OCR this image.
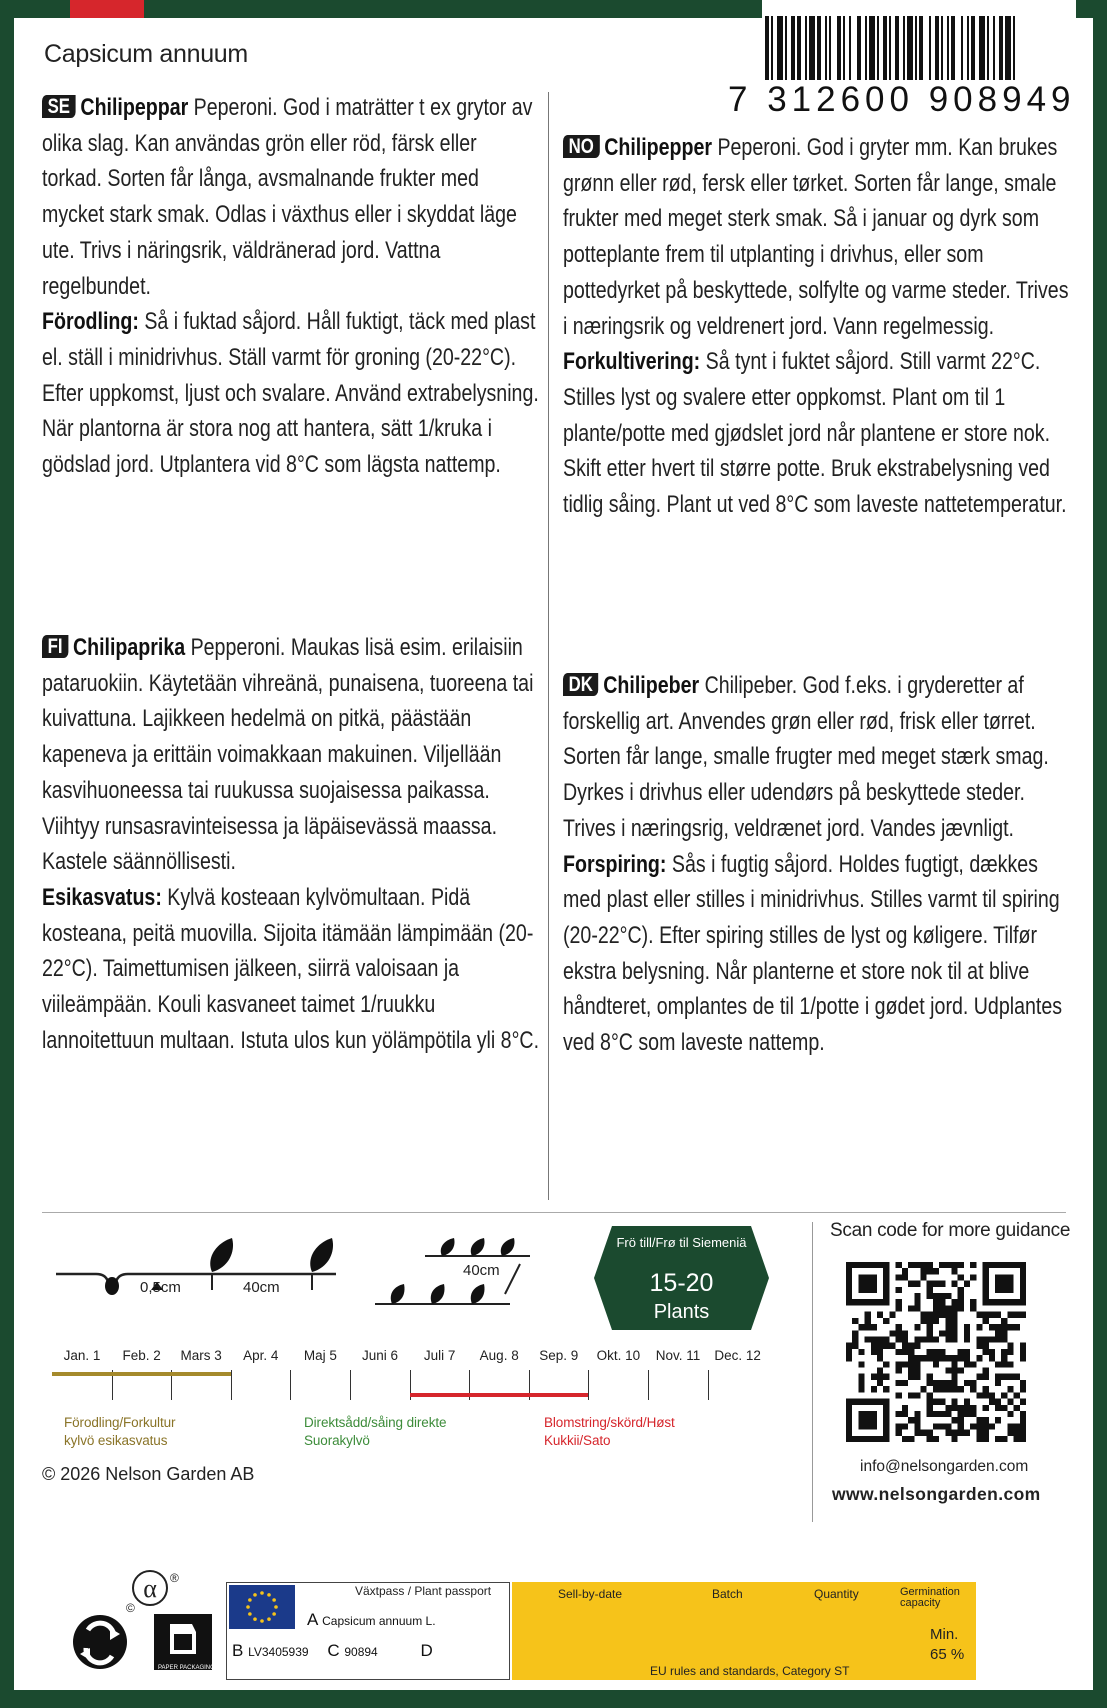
Capsicum annuum
7 312600 908949

SE Chilipeppar Peperoni. God i maträtter t ex grytor av olika slag. Kan användas grön eller röd, färsk eller torkad. Sorten får långa, avsmalnande frukter med mycket stark smak. Odlas i växthus eller i skyddat läge ute. Trivs i näringsrik, väldränerad jord. Vattna regelbundet.

Förodling: Så i fuktad såjord. Håll fuktigt, täck med plast el. ställ i minidrivhus. Ställ varmt för groning (20-22°C). Efter uppkomst, ljust och svalare. Använd extrabelysning. När plantorna är stora nog att hantera, sätt 1/kruka i gödslad jord. Utplantera vid 8°C som lägsta nattemp.

NO Chilipepper Peperoni. God i gryter mm. Kan brukes grønn eller rød, fersk eller tørket. Sorten får lange, smale frukter med meget sterk smak. Så i januar og dyrk som potteplante frem til utplanting i drivhus, eller som pottedyrket på beskyttede, solfylte og varme steder. Trives i næringsrik og veldrenert jord. Vann regelmessig.

Forkultivering: Så tynt i fuktet såjord. Still varmt 22°C. Stilles lyst og svalere etter oppkomst. Plant om til 1 plante/potte med gjødslet jord når plantene er store nok. Skift etter hvert til større potte. Bruk ekstrabelysning ved tidlig såing. Plant ut ved 8°C som laveste nattetemperatur.

FI Chilipaprika Pepperoni. Maukas lisä esim. erilaisiin pataruokiin. Käytetään vihreänä, punaisena, tuoreena tai kuivattuna. Lajikkeen hedelmä on pitkä, päästään kapeneva ja erittäin voimakkaan makuinen. Viljellään kasvihuoneessa tai ruukussa suojaisessa paikassa. Viihtyy runsasravinteisessa ja läpäisevässä maassa. Kastele säännöllisesti.

Esikasvatus: Kylvä kosteaan kylvömultaan. Pidä kosteana, peitä muovilla. Sijoita itämään lämpimään (20-22°C). Taimettumisen jälkeen, siirrä valoisaan ja viileämpään. Kouli kasvaneet taimet 1/ruukku lannoitettuun multaan. Istuta ulos kun yölämpötila yli 8°C.

DK Chilipeber Chilipeber. God f.eks. i gryderetter af forskellig art. Anvendes grøn eller rød, frisk eller tørret. Sorten får lange, smalle frugter med meget stærk smag. Dyrkes i drivhus eller udendørs på beskyttede steder. Trives i næringsrig, veldrænet jord. Vandes jævnligt.

Forspiring: Sås i fugtig såjord. Holdes fugtigt, dækkes med plast eller stilles i minidrivhus. Stilles varmt til spiring (20-22°C). Efter spiring stilles de lyst og køligere. Tilfør ekstra belysning. Når planterne et store nok til at blive håndteret, omplantes de til 1/potte i gødet jord. Udplantes ved 8°C som laveste nattemp.

0,5cm	40cm
40cm
Frö till/Frø til Siemeniä
15-20
Plants
Jan. 1	Feb. 2	Mars 3	Apr. 4	Maj 5	Juni 6	Juli 7	Aug. 8	Sep. 9	Okt. 10	Nov. 11	Dec. 12
Förodling/Forkultur
kylvö esikasvatus
Direktsådd/såing direkte
Suorakylvö
Blomstring/skörd/Høst
Kukkii/Sato
© 2026 Nelson Garden AB
Scan code for more guidance
info@nelsongarden.com
www.nelsongarden.com
α
©
®
PAPER PACKAGING
Växtpass / Plant passport
A Capsicum annuum L.
B LV3405939 C 90894	D
Sell-by-date	Batch	Quantity	Germination capacity
Min.
65 %
EU rules and standards, Category ST
